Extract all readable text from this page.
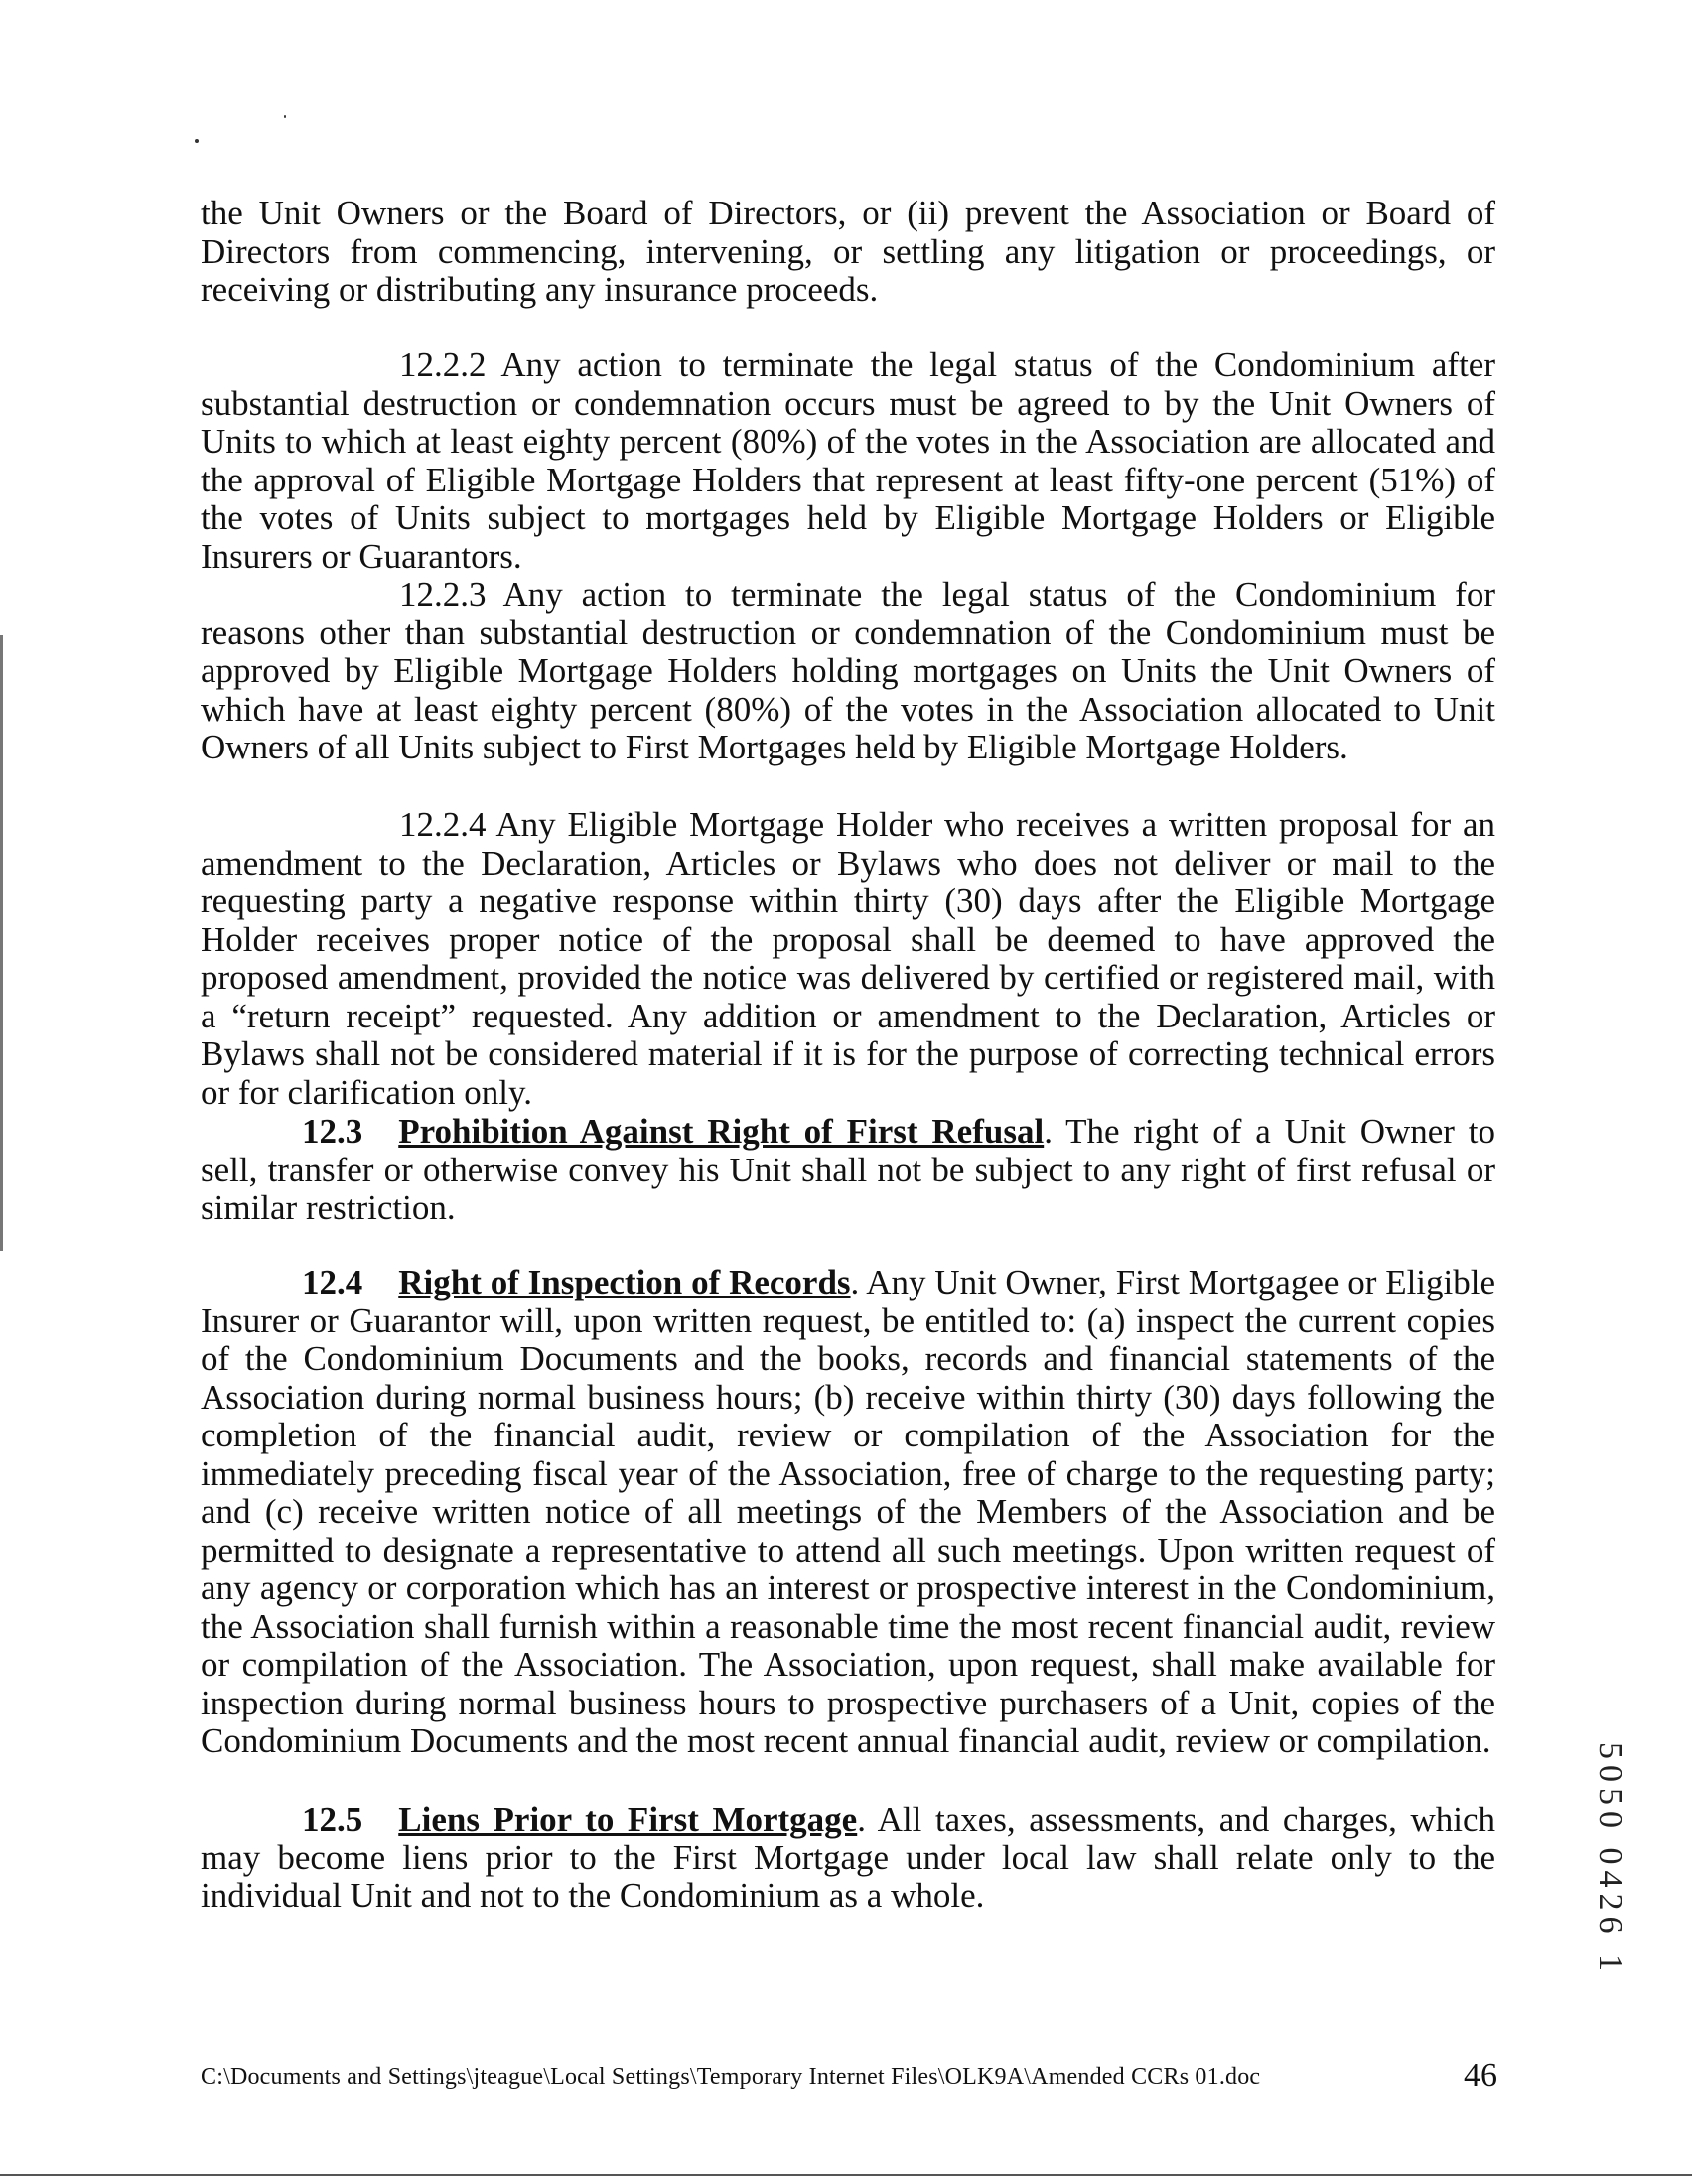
the Unit Owners or the Board of Directors, or (ii) prevent the Association or Board of Directors from commencing, intervening, or settling any litigation or proceedings, or receiving or distributing any insurance proceeds.

12.2.2 Any action to terminate the legal status of the Condominium after substantial destruction or condemnation occurs must be agreed to by the Unit Owners of Units to which at least eighty percent (80%) of the votes in the Association are allocated and the approval of Eligible Mortgage Holders that represent at least fifty-one percent (51%) of the votes of Units subject to mortgages held by Eligible Mortgage Holders or Eligible Insurers or Guarantors.

12.2.3 Any action to terminate the legal status of the Condominium for reasons other than substantial destruction or condemnation of the Condominium must be approved by Eligible Mortgage Holders holding mortgages on Units the Unit Owners of which have at least eighty percent (80%) of the votes in the Association allocated to Unit Owners of all Units subject to First Mortgages held by Eligible Mortgage Holders.

12.2.4 Any Eligible Mortgage Holder who receives a written proposal for an amendment to the Declaration, Articles or Bylaws who does not deliver or mail to the requesting party a negative response within thirty (30) days after the Eligible Mortgage Holder receives proper notice of the proposal shall be deemed to have approved the proposed amendment, provided the notice was delivered by certified or registered mail, with a “return receipt” requested. Any addition or amendment to the Declaration, Articles or Bylaws shall not be considered material if it is for the purpose of correcting technical errors or for clarification only.

12.3 Prohibition Against Right of First Refusal. The right of a Unit Owner to sell, transfer or otherwise convey his Unit shall not be subject to any right of first refusal or similar restriction.

12.4 Right of Inspection of Records. Any Unit Owner, First Mortgagee or Eligible Insurer or Guarantor will, upon written request, be entitled to: (a) inspect the current copies of the Condominium Documents and the books, records and financial statements of the Association during normal business hours; (b) receive within thirty (30) days following the completion of the financial audit, review or compilation of the Association for the immediately preceding fiscal year of the Association, free of charge to the requesting party; and (c) receive written notice of all meetings of the Members of the Association and be permitted to designate a representative to attend all such meetings. Upon written request of any agency or corporation which has an interest or prospective interest in the Condominium, the Association shall furnish within a reasonable time the most recent financial audit, review or compilation of the Association. The Association, upon request, shall make available for inspection during normal business hours to prospective purchasers of a Unit, copies of the Condominium Documents and the most recent annual financial audit, review or compilation.

12.5 Liens Prior to First Mortgage. All taxes, assessments, and charges, which may become liens prior to the First Mortgage under local law shall relate only to the individual Unit and not to the Condominium as a whole.	5050 0426 1
C:\Documents and Settings\jteague\Local Settings\Temporary Internet Files\OLK9A\Amended CCRs 01.doc	46
